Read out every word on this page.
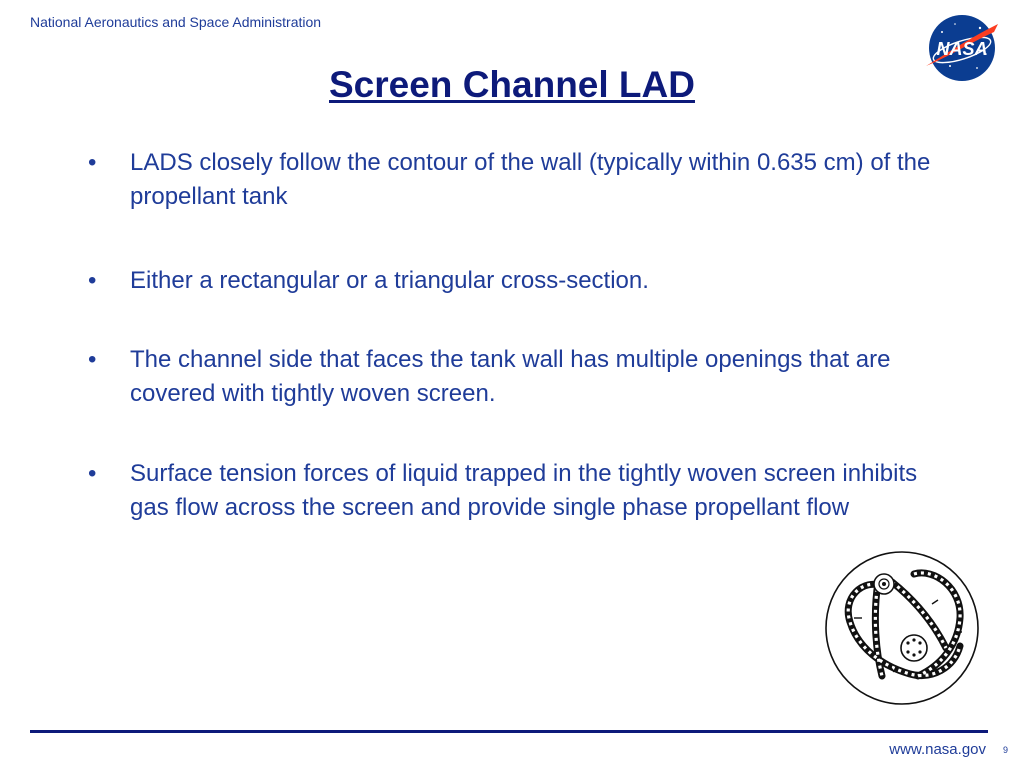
National Aeronautics and Space Administration
NASA
Screen Channel LAD
•	LADS closely follow the contour of the wall (typically within 0.635 cm) of the propellant tank
•	Either a rectangular or a triangular cross-section.
•	The channel side that faces the tank wall has multiple openings that are covered with tightly woven screen.
•	Surface tension forces of liquid trapped in the tightly woven screen inhibits gas flow across the screen and provide single phase propellant flow
www.nasa.gov 9
